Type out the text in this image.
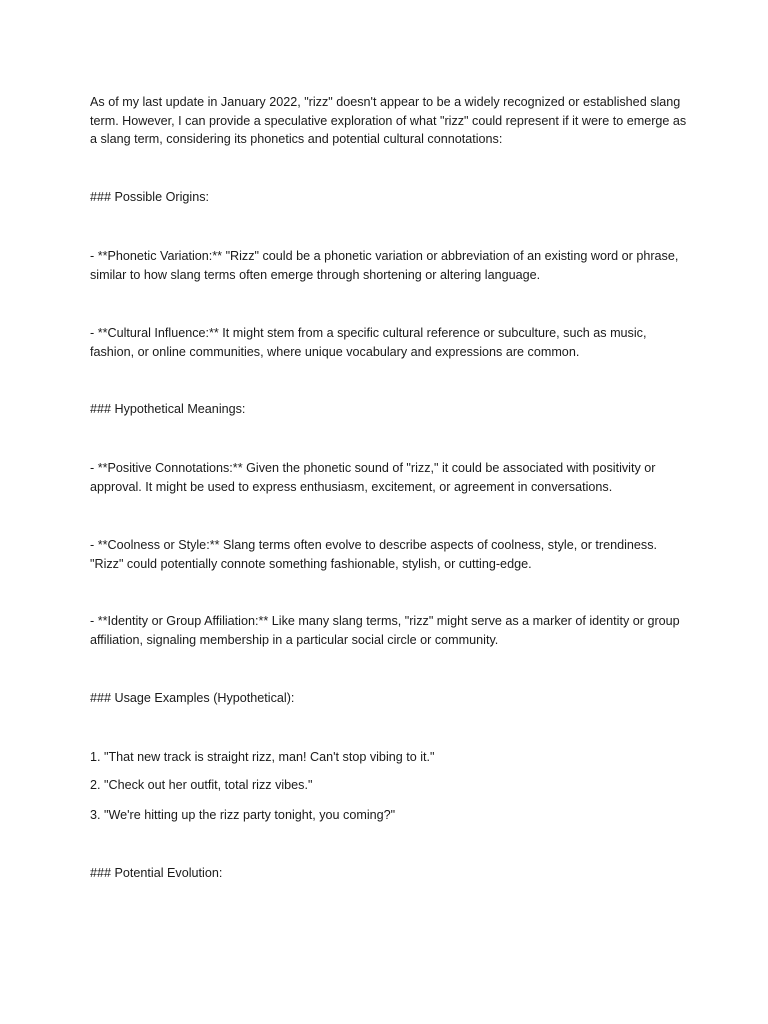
As of my last update in January 2022, "rizz" doesn't appear to be a widely recognized or established slang term. However, I can provide a speculative exploration of what "rizz" could represent if it were to emerge as a slang term, considering its phonetics and potential cultural connotations:

### Possible Origins:

- **Phonetic Variation:** "Rizz" could be a phonetic variation or abbreviation of an existing word or phrase, similar to how slang terms often emerge through shortening or altering language.

- **Cultural Influence:** It might stem from a specific cultural reference or subculture, such as music, fashion, or online communities, where unique vocabulary and expressions are common.

### Hypothetical Meanings:

- **Positive Connotations:** Given the phonetic sound of "rizz," it could be associated with positivity or approval. It might be used to express enthusiasm, excitement, or agreement in conversations.

- **Coolness or Style:** Slang terms often evolve to describe aspects of coolness, style, or trendiness. "Rizz" could potentially connote something fashionable, stylish, or cutting-edge.

- **Identity or Group Affiliation:** Like many slang terms, "rizz" might serve as a marker of identity or group affiliation, signaling membership in a particular social circle or community.

### Usage Examples (Hypothetical):

1. "That new track is straight rizz, man! Can't stop vibing to it."

2. "Check out her outfit, total rizz vibes."

3. "We're hitting up the rizz party tonight, you coming?"

### Potential Evolution:
